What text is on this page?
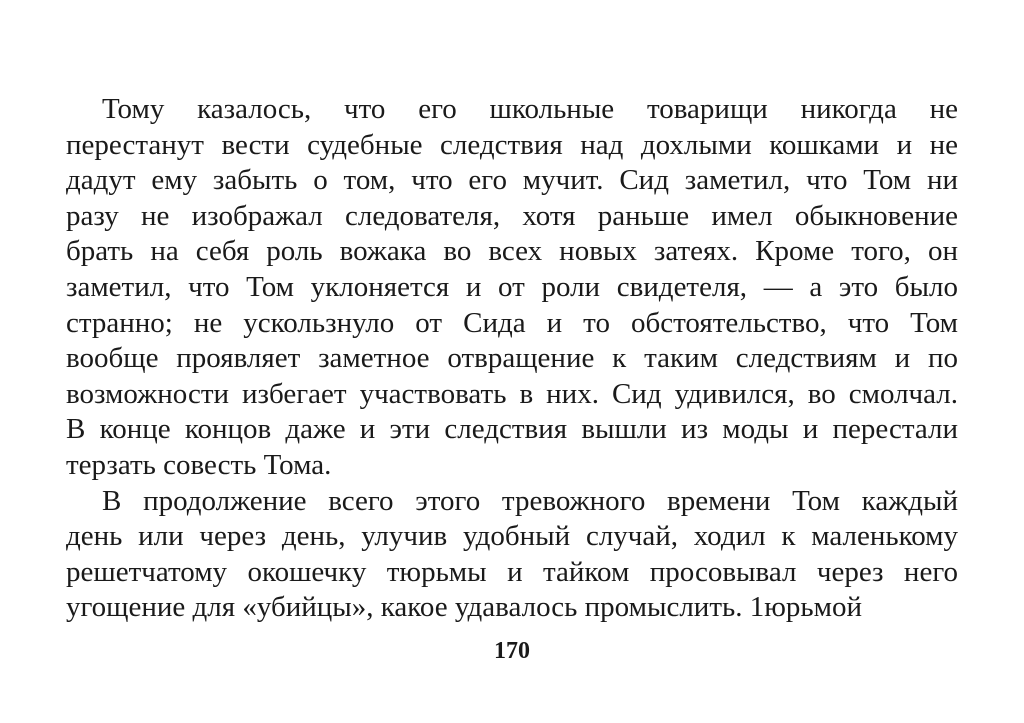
Тому казалось, что его школьные товарищи никогда не
перестанут вести судебные следствия над дохлыми кошками и не
дадут ему забыть о том, что его мучит. Сид заметил, что Том ни
разу не изображал следователя, хотя раньше имел обыкновение
брать на себя роль вожака во всех новых затеях. Кроме того, он
заметил, что Том уклоняется и от роли свидетеля, — а это было
странно; не ускользнуло от Сида и то обстоятельство, что Том
вообще проявляет заметное отвращение к таким следствиям и по
возможности избегает участвовать в них. Сид удивился, во смолчал.
В конце концов даже и эти следствия вышли из моды и перестали
терзать совесть Тома.
В продолжение всего этого тревожного времени Том каждый
день или через день, улучив удобный случай, ходил к маленькому
решетчатому окошечку тюрьмы и тайком просовывал через него
угощение для «убийцы», какое удавалось промыслить. 1юрьмой
170
